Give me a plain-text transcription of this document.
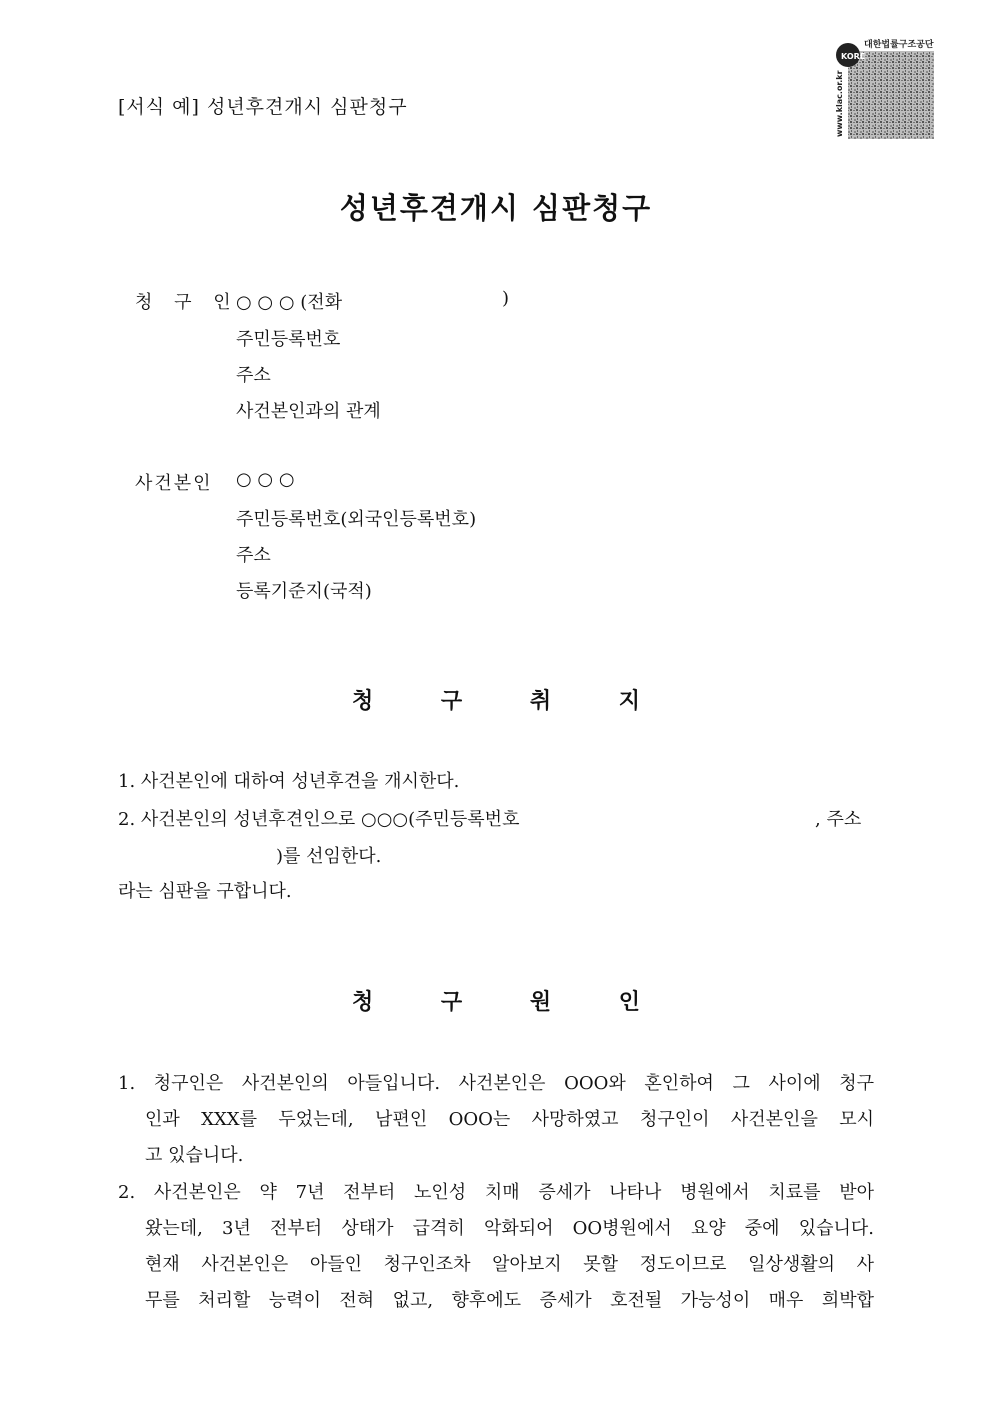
[서식 예] 성년후견개시 심판청구
KORE
대한법률구조공단
www.klac.or.kr
성년후견개시 심판청구
청 구 인
○ ○ ○ (전화	)
주민등록번호
주소
사건본인과의 관계
사건본인 ○ ○ ○
주민등록번호(외국인등록번호)
주소
등록기준지(국적)
청 구 취 지
1. 사건본인에 대하여 성년후견을 개시한다.
2. 사건본인의 성년후견인으로 ○○○(주민등록번호	, 주소
)를 선임한다.
라는 심판을 구합니다.
청 구 원 인
1. 청구인은 사건본인의 아들입니다. 사건본인은 OOO와 혼인하여 그 사이에 청구
인과 XXX를 두었는데, 남편인 OOO는 사망하였고 청구인이 사건본인을 모시
고 있습니다.
2. 사건본인은 약 7년 전부터 노인성 치매 증세가 나타나 병원에서 치료를 받아
왔는데, 3년 전부터 상태가 급격히 악화되어 OO병원에서 요양 중에 있습니다.
현재 사건본인은 아들인 청구인조차 알아보지 못할 정도이므로 일상생활의 사
무를 처리할 능력이 전혀 없고, 향후에도 증세가 호전될 가능성이 매우 희박합
